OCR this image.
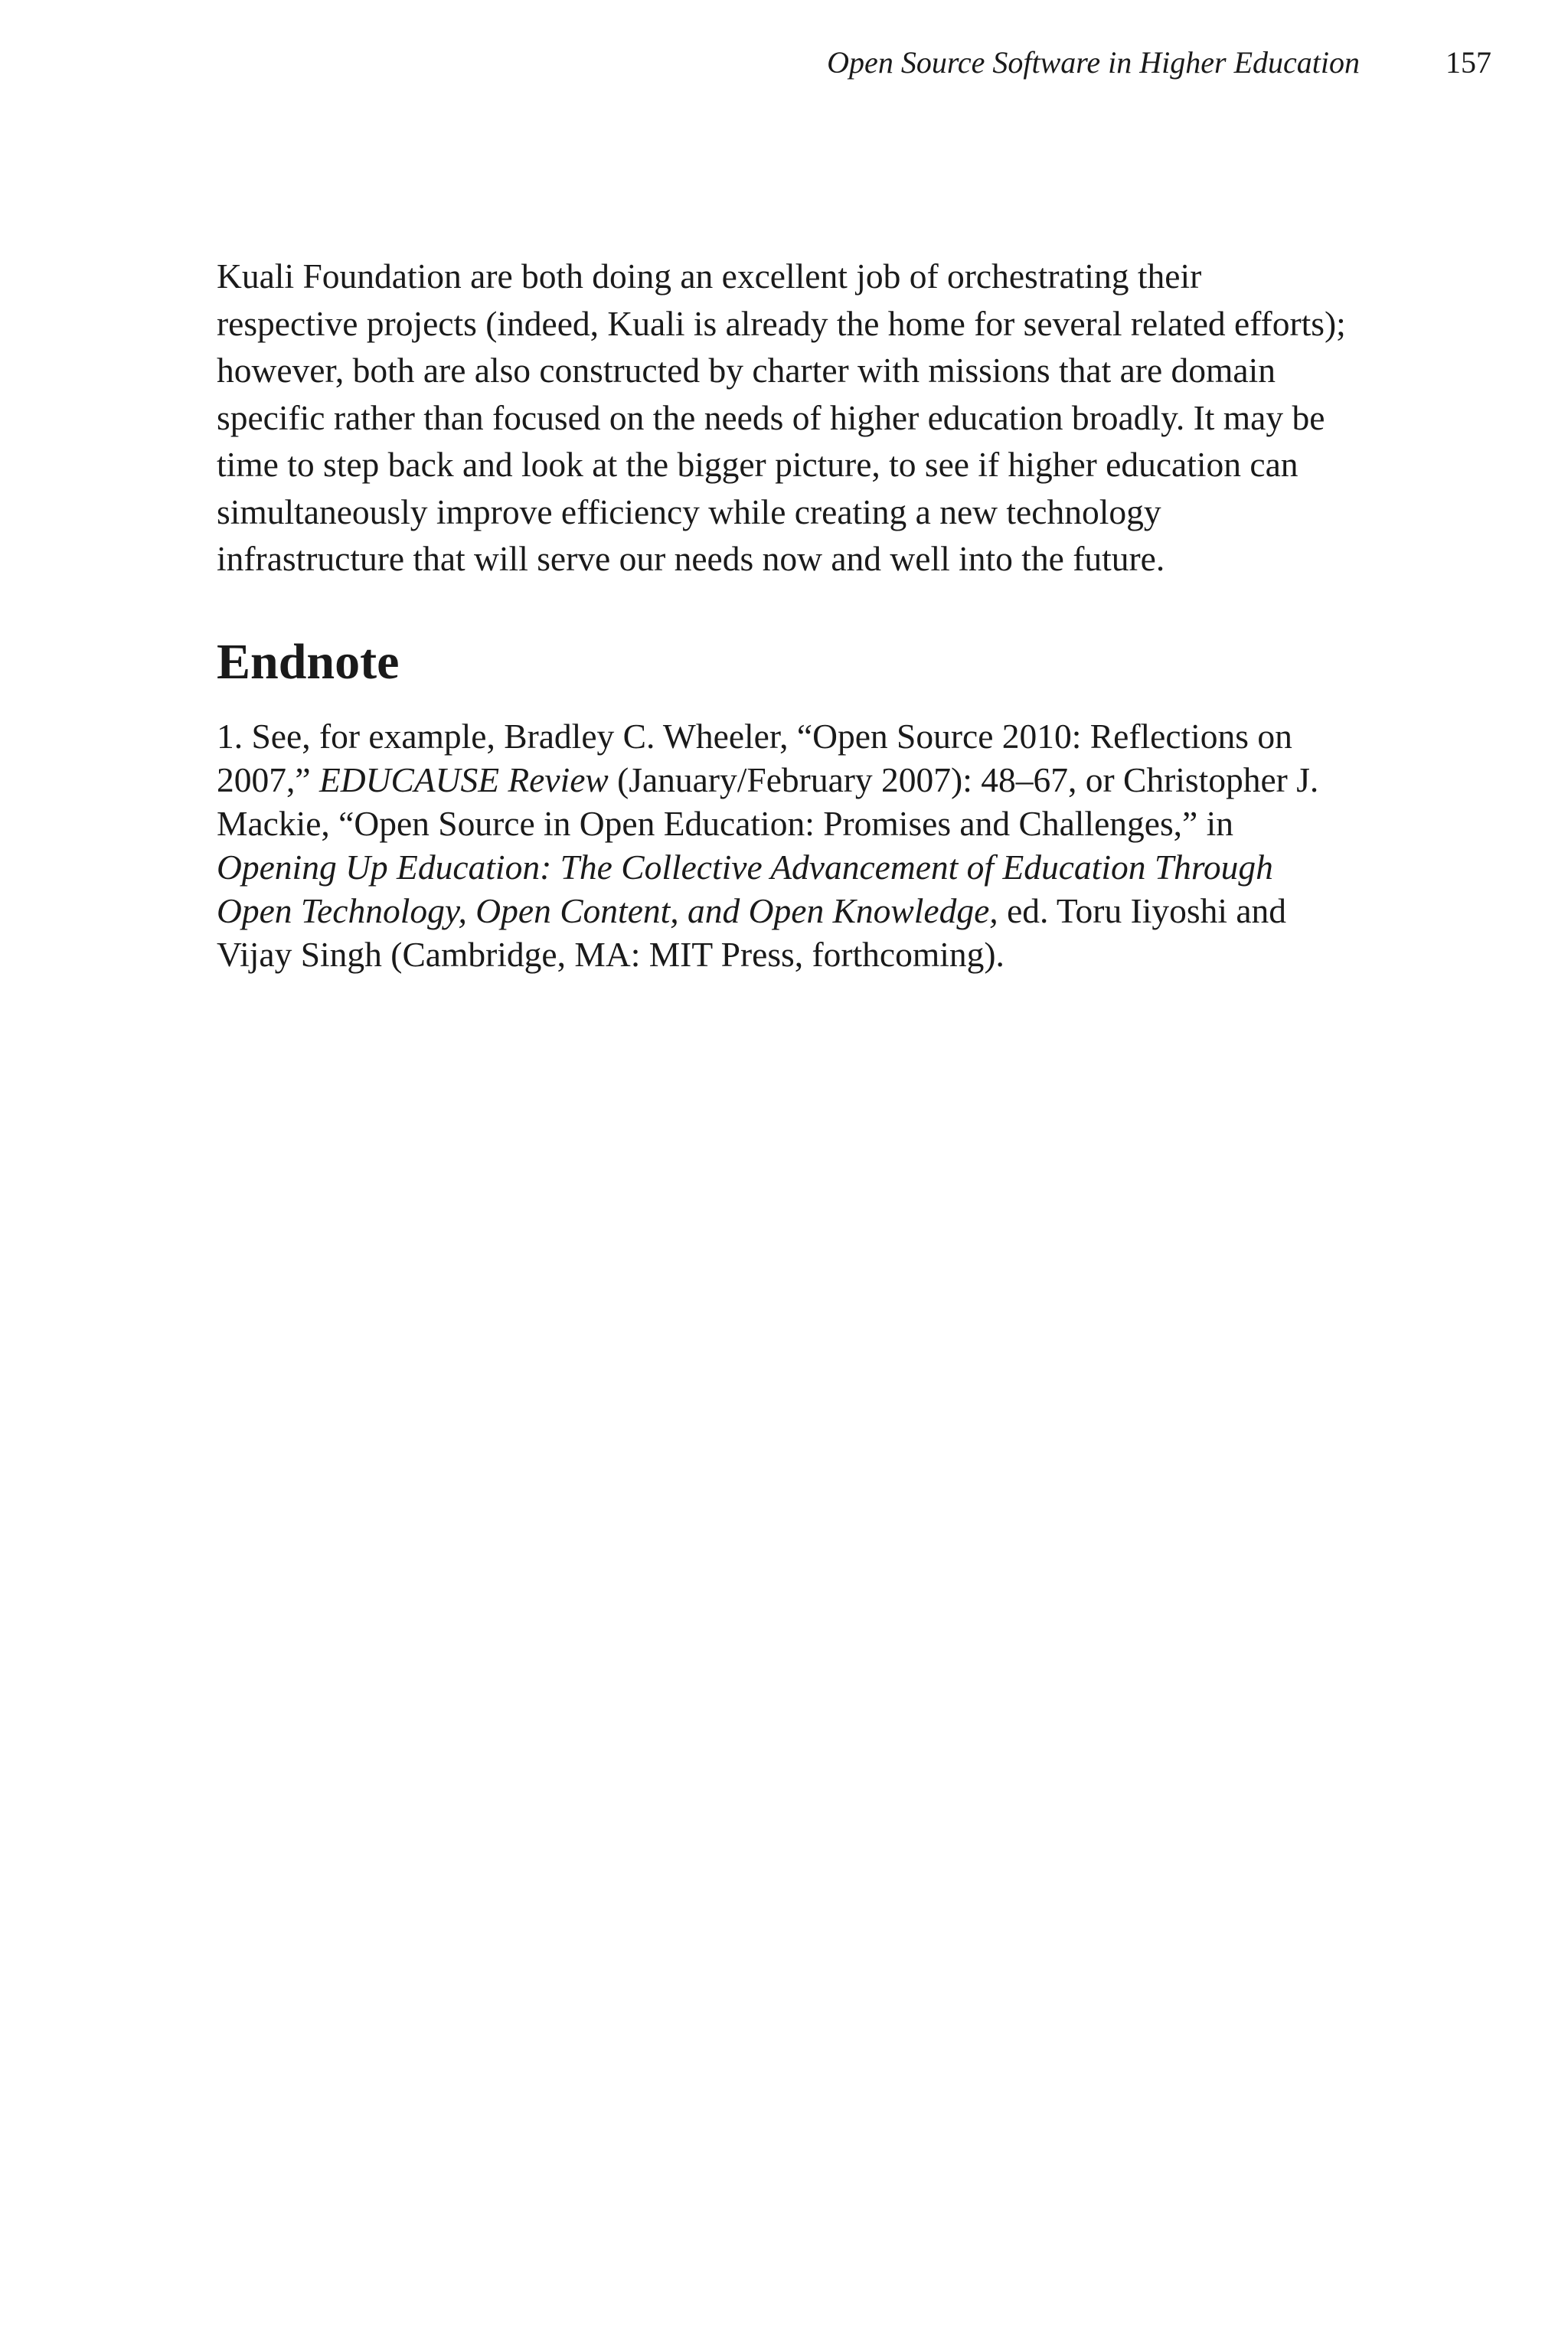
Open Source Software in Higher Education	157

Kuali Foundation are both doing an excellent job of orchestrating their respective projects (indeed, Kuali is already the home for several related efforts); however, both are also constructed by charter with missions that are domain specific rather than focused on the needs of higher education broadly. It may be time to step back and look at the bigger picture, to see if higher education can simultaneously improve efficiency while creating a new technology infrastructure that will serve our needs now and well into the future.

Endnote

1. See, for example, Bradley C. Wheeler, “Open Source 2010: Reflections on 2007,” EDUCAUSE Review (January/February 2007): 48–67, or Christopher J. Mackie, “Open Source in Open Education: Promises and Challenges,” in Opening Up Education: The Collective Advancement of Education Through Open Technology, Open Content, and Open Knowledge, ed. Toru Iiyoshi and Vijay Singh (Cambridge, MA: MIT Press, forthcoming).
